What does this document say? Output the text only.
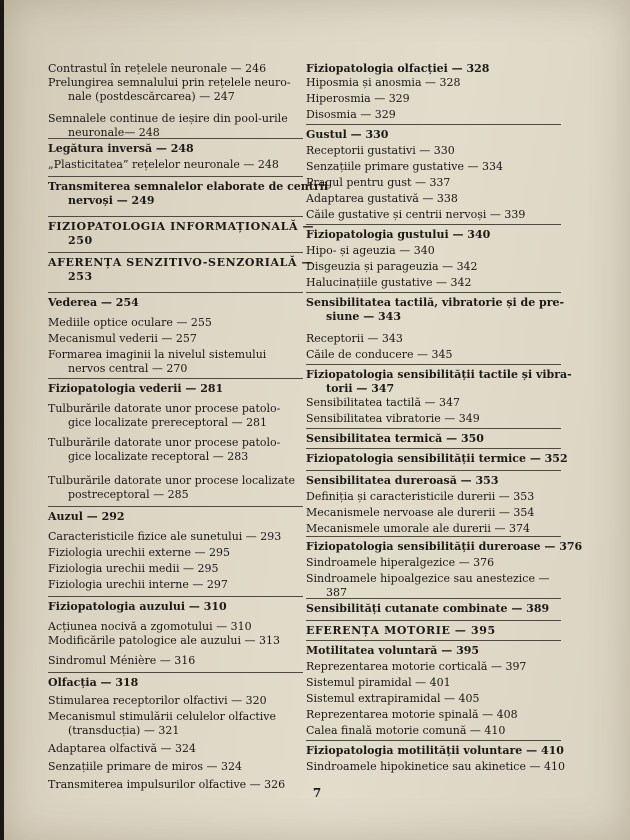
Contrastul în rețelele neuronale — 246
Prelungirea semnalului prin rețelele neuro-
nale (postdescărcarea) — 247
Semnalele continue de ieșire din pool-urile
neuronale— 248
Legătura inversă — 248
„Plasticitatea” rețelelor neuronale — 248
Transmiterea semnalelor elaborate de centrii
nervoși — 249
FIZIOPATOLOGIA INFORMAȚIONALĂ —
250
AFERENȚA SENZITIVO-SENZORIALĂ —
253
Vederea — 254
Mediile optice oculare — 255
Mecanismul vederii — 257
Formarea imaginii la nivelul sistemului
nervos central — 270
Fiziopatologia vederii — 281
Tulburările datorate unor procese patolo-
gice localizate prereceptoral — 281
Tulburările datorate unor procese patolo-
gice localizate receptoral — 283
Tulburările datorate unor procese localizate
postreceptoral — 285
Auzul — 292
Caracteristicile fizice ale sunetului — 293
Fiziologia urechii externe — 295
Fiziologia urechii medii — 295
Fiziologia urechii interne — 297
Fiziopatologia auzului — 310
Acțiunea nocivă a zgomotului — 310
Modificările patologice ale auzului — 313
Sindromul Ménière — 316
Olfacția — 318
Stimularea receptorilor olfactivi — 320
Mecanismul stimulării celulelor olfactive
(transducția) — 321
Adaptarea olfactivă — 324
Senzațiile primare de miros — 324
Transmiterea impulsurilor olfactive — 326
Fiziopatologia olfacției — 328
Hiposmia și anosmia — 328
Hiperosmia — 329
Disosmia — 329
Gustul — 330
Receptorii gustativi — 330
Senzațiile primare gustative — 334
Pragul pentru gust — 337
Adaptarea gustativă — 338
Căile gustative și centrii nervoși — 339
Fiziopatologia gustului — 340
Hipo- și ageuzia — 340
Disgeuzia și parageuzia — 342
Halucinațiile gustative — 342
Sensibilitatea tactilă, vibratorie și de pre-
siune — 343
Receptorii — 343
Căile de conducere — 345
Fiziopatologia sensibilității tactile și vibra-
torii — 347
Sensibilitatea tactilă — 347
Sensibilitatea vibratorie — 349
Sensibilitatea termică — 350
Fiziopatologia sensibilității termice — 352
Sensibilitatea dureroasă — 353
Definiția și caracteristicile durerii — 353
Mecanismele nervoase ale durerii — 354
Mecanismele umorale ale durerii — 374
Fiziopatologia sensibilității dureroase — 376
Sindroamele hiperalgezice — 376
Sindroamele hipoalgezice sau anestezice —
387
Sensibilități cutanate combinate — 389
EFERENȚA MOTORIE — 395
Motilitatea voluntară — 395
Reprezentarea motorie corticală — 397
Sistemul piramidal — 401
Sistemul extrapiramidal — 405
Reprezentarea motorie spinală — 408
Calea finală motorie comună — 410
Fiziopatologia motilității voluntare — 410
Sindroamele hipokinetice sau akinetice — 410
7
